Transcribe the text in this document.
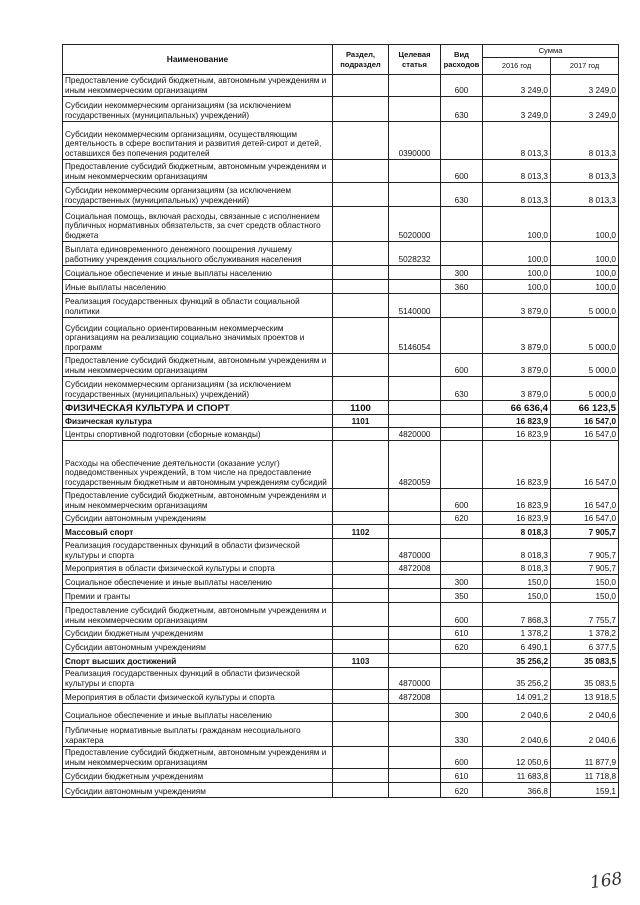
Наименование	Раздел, подраздел	Целевая статья	Вид расходов	Сумма	
				2016 год	2017 год
Предоставление субсидий бюджетным, автономным учреждениям и иным некоммерческим организациям			600	3 249,0	3 249,0
Субсидии некоммерческим организациям (за исключением государственных (муниципальных) учреждений)			630	3 249,0	3 249,0
Субсидии некоммерческим организациям, осуществляющим деятельность в сфере воспитания и развития детей-сирот и детей, оставшихся без попечения родителей		0390000		8 013,3	8 013,3
Предоставление субсидий бюджетным, автономным учреждениям и иным некоммерческим организациям			600	8 013,3	8 013,3
Субсидии некоммерческим организациям (за исключением государственных (муниципальных) учреждений)			630	8 013,3	8 013,3
Социальная помощь, включая расходы, связанные с исполнением публичных нормативных обязательств, за счет средств областного бюджета		5020000		100,0	100,0
Выплата единовременного денежного поощрения лучшему работнику учреждения социального обслуживания населения		5028232		100,0	100,0
Социальное обеспечение и иные выплаты населению			300	100,0	100,0
Иные выплаты населению			360	100,0	100,0
Реализация государственных функций в области социальной политики		5140000		3 879,0	5 000,0
Субсидии социально ориентированным некоммерческим организациям на реализацию социально значимых проектов и программ		5146054		3 879,0	5 000,0
Предоставление субсидий бюджетным, автономным учреждениям и иным некоммерческим организациям			600	3 879,0	5 000,0
Субсидии некоммерческим организациям (за исключением государственных (муниципальных) учреждений)			630	3 879,0	5 000,0
ФИЗИЧЕСКАЯ КУЛЬТУРА И СПОРТ	1100			66 636,4	66 123,5
Физическая культура	1101			16 823,9	16 547,0
Центры спортивной подготовки (сборные команды)		4820000		16 823,9	16 547,0
Расходы на обеспечение деятельности (оказание услуг) подведомственных учреждений, в том числе на предоставление государственным бюджетным и автономным учреждениям субсидий		4820059		16 823,9	16 547,0
Предоставление субсидий бюджетным, автономным учреждениям и иным некоммерческим организациям			600	16 823,9	16 547,0
Субсидии автономным учреждениям			620	16 823,9	16 547,0
Массовый спорт	1102			8 018,3	7 905,7
Реализация государственных функций в области физической культуры и спорта		4870000		8 018,3	7 905,7
Мероприятия в области физической культуры и спорта		4872008		8 018,3	7 905,7
Социальное обеспечение и иные выплаты населению			300	150,0	150,0
Премии и гранты			350	150,0	150,0
Предоставление субсидий бюджетным, автономным учреждениям и иным некоммерческим организациям			600	7 868,3	7 755,7
Субсидии бюджетным учреждениям			610	1 378,2	1 378,2
Субсидии автономным учреждениям			620	6 490,1	6 377,5
Спорт высших достижений	1103			35 256,2	35 083,5
Реализация государственных функций в области физической культуры и спорта		4870000		35 256,2	35 083,5
Мероприятия в области физической культуры и спорта		4872008		14 091,2	13 918,5
Социальное обеспечение и иные выплаты населению			300	2 040,6	2 040,6
Публичные нормативные выплаты гражданам несоциального характера			330	2 040,6	2 040,6
Предоставление субсидий бюджетным, автономным учреждениям и иным некоммерческим организациям			600	12 050,6	11 877,9
Субсидии бюджетным учреждениям			610	11 683,8	11 718,8
Субсидии автономным учреждениям			620	366,8	159,1
168
